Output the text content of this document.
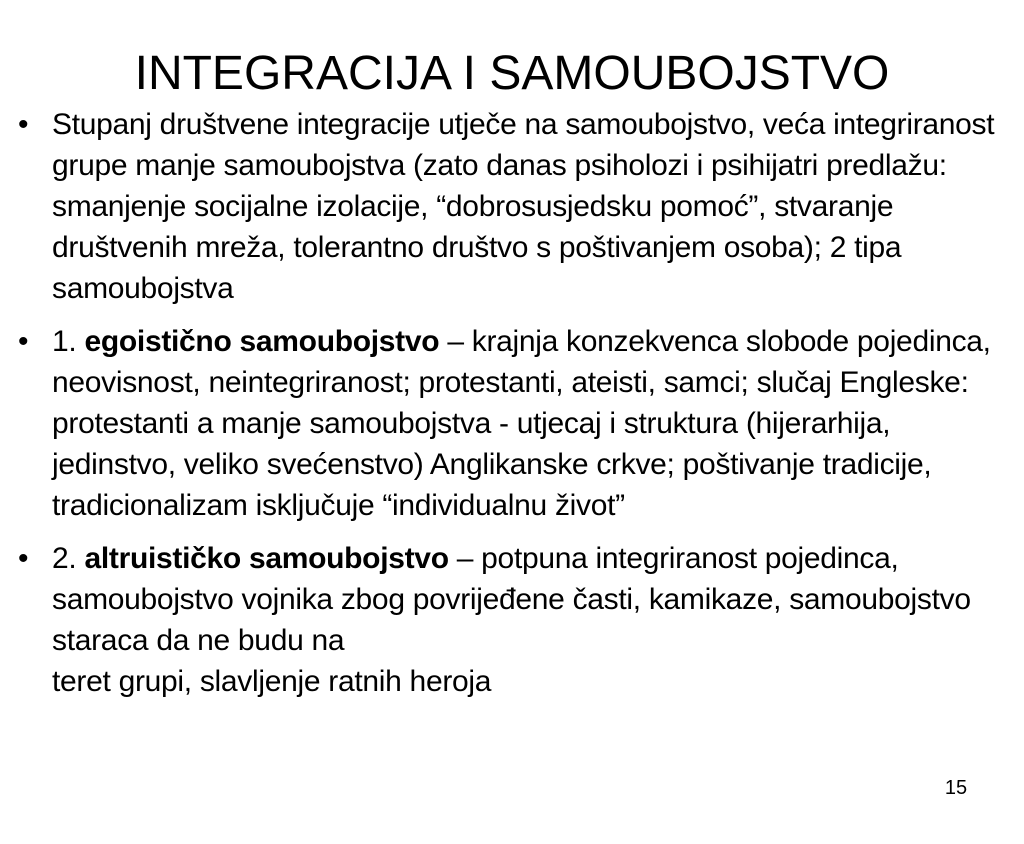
INTEGRACIJA I SAMOUBOJSTVO
• Stupanj društvene integracije utječe na samoubojstvo, veća integriranost grupe manje samoubojstva (zato danas psiholozi i psihijatri predlažu: smanjenje socijalne izolacije, “dobrosusjedsku pomoć”, stvaranje društvenih mreža, tolerantno društvo s poštivanjem osoba); 2 tipa samoubojstva
• 1. egoistično samoubojstvo – krajnja konzekvenca slobode pojedinca, neovisnost, neintegriranost; protestanti, ateisti, samci; slučaj Engleske: protestanti a manje samoubojstva - utjecaj i struktura (hijerarhija, jedinstvo, veliko svećenstvo) Anglikanske crkve; poštivanje tradicije, tradicionalizam isključuje “individualnu život”
• 2. altruističko samoubojstvo – potpuna integriranost pojedinca, samoubojstvo vojnika zbog povrijeđene časti, kamikaze, samoubojstvo staraca da ne budu na
teret grupi, slavljenje ratnih heroja
15
